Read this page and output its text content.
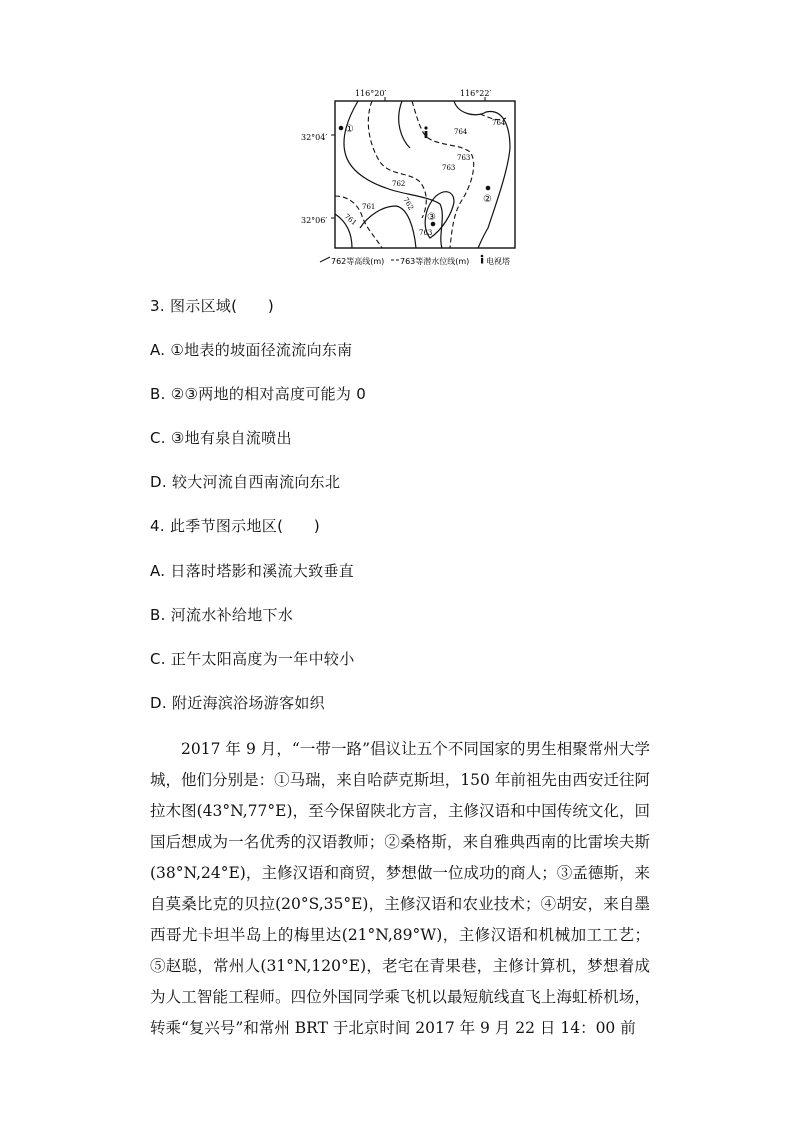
116°20′	116°22′
32°04′
32°06′
764
764
763
763
762
762
761
761
763
①
②
③
762等高线(m) 763等潜水位线(m) 电视塔
3. 图示区域(　　)
A. ①地表的坡面径流流向东南
B. ②③两地的相对高度可能为 0
C. ③地有泉自流喷出
D. 较大河流自西南流向东北
4. 此季节图示地区(　　)
A. 日落时塔影和溪流大致垂直
B. 河流水补给地下水
C. 正午太阳高度为一年中较小
D. 附近海滨浴场游客如织
2017 年 9 月，“一带一路”倡议让五个不同国家的男生相聚常州大学城，他们分别是：①马瑞，来自哈萨克斯坦，150 年前祖先由西安迁往阿拉木图(43°N,77°E)，至今保留陕北方言，主修汉语和中国传统文化，回国后想成为一名优秀的汉语教师；②桑格斯，来自雅典西南的比雷埃夫斯(38°N,24°E)，主修汉语和商贸，梦想做一位成功的商人；③孟德斯，来自莫桑比克的贝拉(20°S,35°E)，主修汉语和农业技术；④胡安，来自墨西哥尤卡坦半岛上的梅里达(21°N,89°W)，主修汉语和机械加工工艺；⑤赵聪，常州人(31°N,120°E)，老宅在青果巷，主修计算机，梦想着成为人工智能工程师。四位外国同学乘飞机以最短航线直飞上海虹桥机场，转乘“复兴号”和常州 BRT 于北京时间 2017 年 9 月 22 日 14：00 前
